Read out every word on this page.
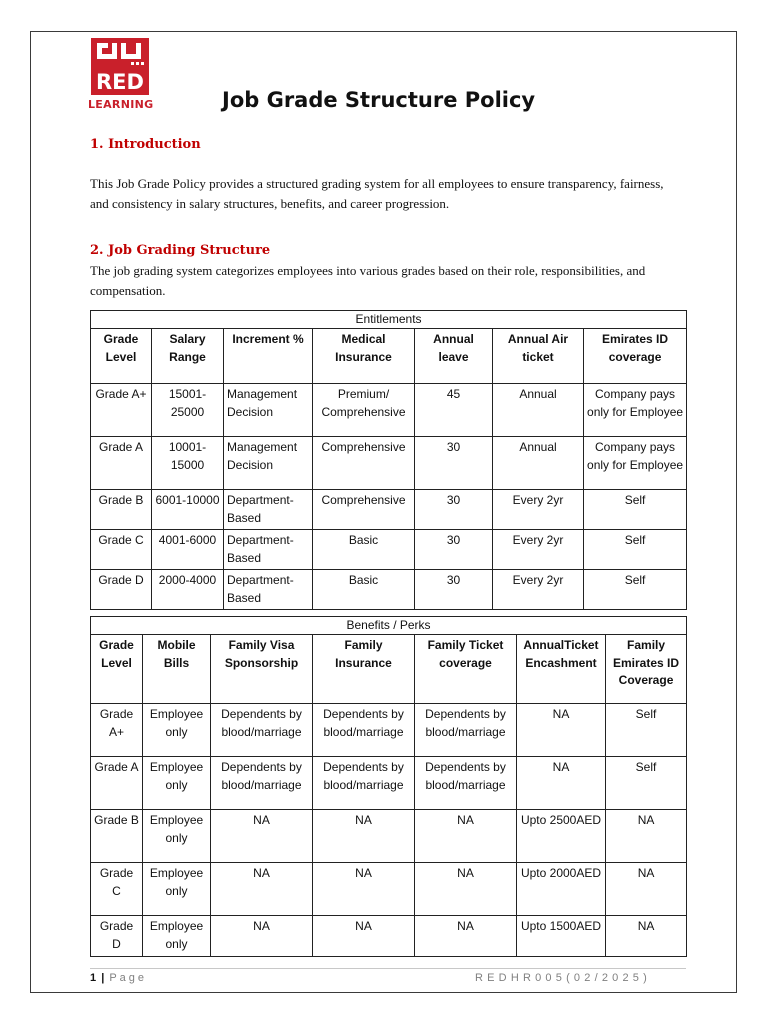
RED
LEARNING	Job Grade Structure Policy
1. Introduction
This Job Grade Policy provides a structured grading system for all employees to ensure transparency, fairness, and consistency in salary structures, benefits, and career progression.
2. Job Grading Structure
The job grading system categorizes employees into various grades based on their role, responsibilities, and compensation.
Entitlements						
Grade Level	Salary Range	Increment %	Medical Insurance	Annual leave	Annual Air ticket	Emirates ID coverage
Grade A+	15001-25000	Management Decision	Premium/ Comprehensive	45	Annual	Company pays only for Employee
Grade A	10001-15000	Management Decision	Comprehensive	30	Annual	Company pays only for Employee
Grade B	6001-10000	Department-Based	Comprehensive	30	Every 2yr	Self
Grade C	4001-6000	Department-Based	Basic	30	Every 2yr	Self
Grade D	2000-4000	Department-Based	Basic	30	Every 2yr	Self
Benefits / Perks						
Grade Level	Mobile Bills	Family Visa Sponsorship	Family Insurance	Family Ticket coverage	AnnualTicket Encashment	Family Emirates ID Coverage
Grade A+	Employee only	Dependents by blood/marriage	Dependents by blood/marriage	Dependents by blood/marriage	NA	Self
Grade A	Employee only	Dependents by blood/marriage	Dependents by blood/marriage	Dependents by blood/marriage	NA	Self
Grade B	Employee only	NA	NA	NA	Upto 2500AED	NA
Grade C	Employee only	NA	NA	NA	Upto 2000AED	NA
Grade D	Employee only	NA	NA	NA	Upto 1500AED	NA
1 | Page	REDHR005(02/2025)
